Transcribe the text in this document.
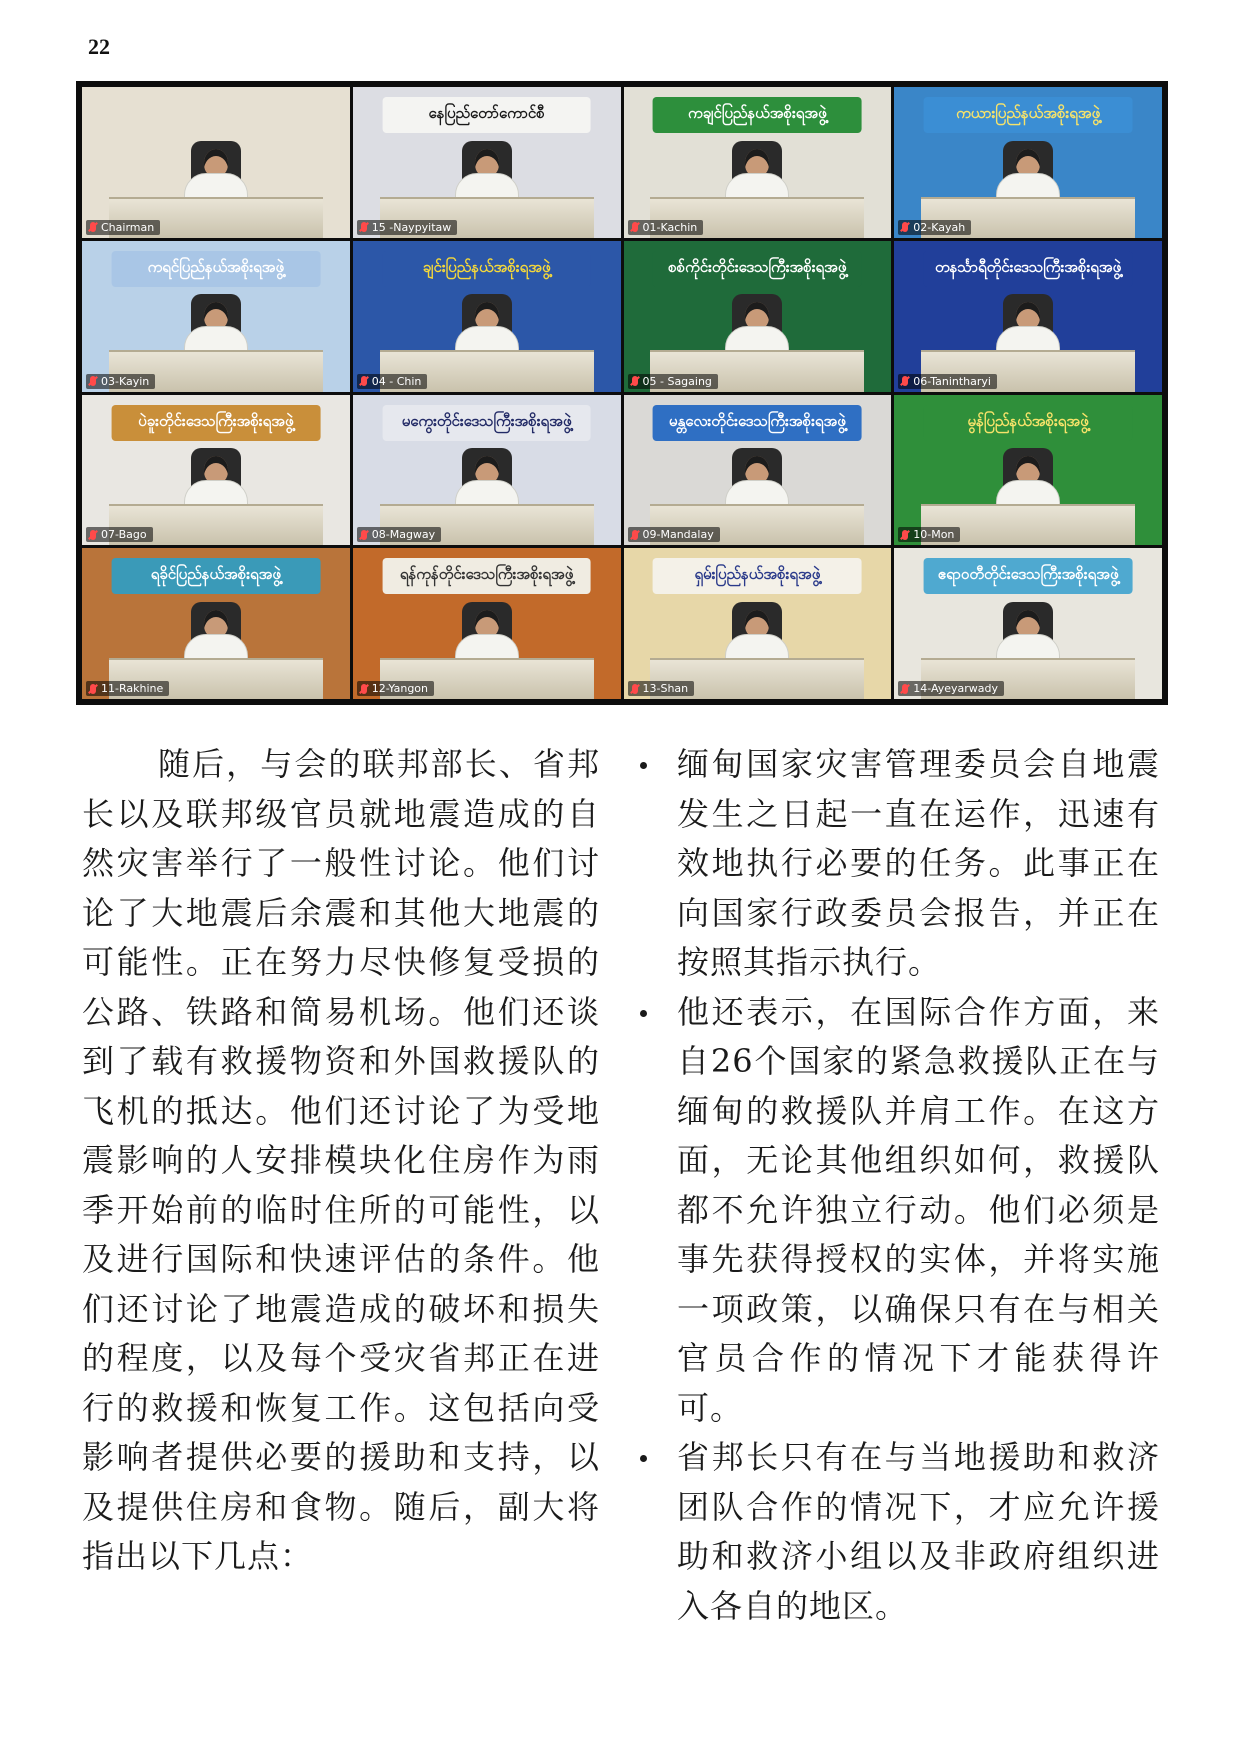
22
Chairman
နေပြည်တော်ကောင်စီ
15 -Naypyitaw
ကချင်ပြည်နယ်အစိုးရအဖွဲ့
01-Kachin
ကယားပြည်နယ်အစိုးရအဖွဲ့
02-Kayah
ကရင်ပြည်နယ်အစိုးရအဖွဲ့
03-Kayin
ချင်းပြည်နယ်အစိုးရအဖွဲ့
04 - Chin
စစ်ကိုင်းတိုင်းဒေသကြီးအစိုးရအဖွဲ့
05 - Sagaing
တနင်္သာရီတိုင်းဒေသကြီးအစိုးရအဖွဲ့
06-Tanintharyi
ပဲခူးတိုင်းဒေသကြီးအစိုးရအဖွဲ့
07-Bago
မကွေးတိုင်းဒေသကြီးအစိုးရအဖွဲ့
08-Magway
မန္တလေးတိုင်းဒေသကြီးအစိုးရအဖွဲ့
09-Mandalay
မွန်ပြည်နယ်အစိုးရအဖွဲ့
10-Mon
ရခိုင်ပြည်နယ်အစိုးရအဖွဲ့
11-Rakhine
ရန်ကုန်တိုင်းဒေသကြီးအစိုးရအဖွဲ့
12-Yangon
ရှမ်းပြည်နယ်အစိုးရအဖွဲ့
13-Shan
ဧရာဝတီတိုင်းဒေသကြီးအစိုးရအဖွဲ့
14-Ayeyarwady

随后，与会的联邦部长、省邦长以及联邦级官员就地震造成的自然灾害举行了一般性讨论。他们讨论了大地震后余震和其他大地震的可能性。正在努力尽快修复受损的公路、铁路和简易机场。他们还谈到了载有救援物资和外国救援队的飞机的抵达。他们还讨论了为受地震影响的人安排模块化住房作为雨季开始前的临时住所的可能性，以及进行国际和快速评估的条件。他们还讨论了地震造成的破坏和损失的程度，以及每个受灾省邦正在进行的救援和恢复工作。这包括向受影响者提供必要的援助和支持，以及提供住房和食物。随后，副大将指出以下几点：

缅甸国家灾害管理委员会自地震发生之日起一直在运作，迅速有效地执行必要的任务。此事正在向国家行政委员会报告，并正在按照其指示执行。
他还表示，在国际合作方面，来自26个国家的紧急救援队正在与缅甸的救援队并肩工作。在这方面，无论其他组织如何，救援队都不允许独立行动。他们必须是事先获得授权的实体，并将实施一项政策，以确保只有在与相关官员合作的情况下才能获得许可。
省邦长只有在与当地援助和救济团队合作的情况下，才应允许援助和救济小组以及非政府组织进入各自的地区。
